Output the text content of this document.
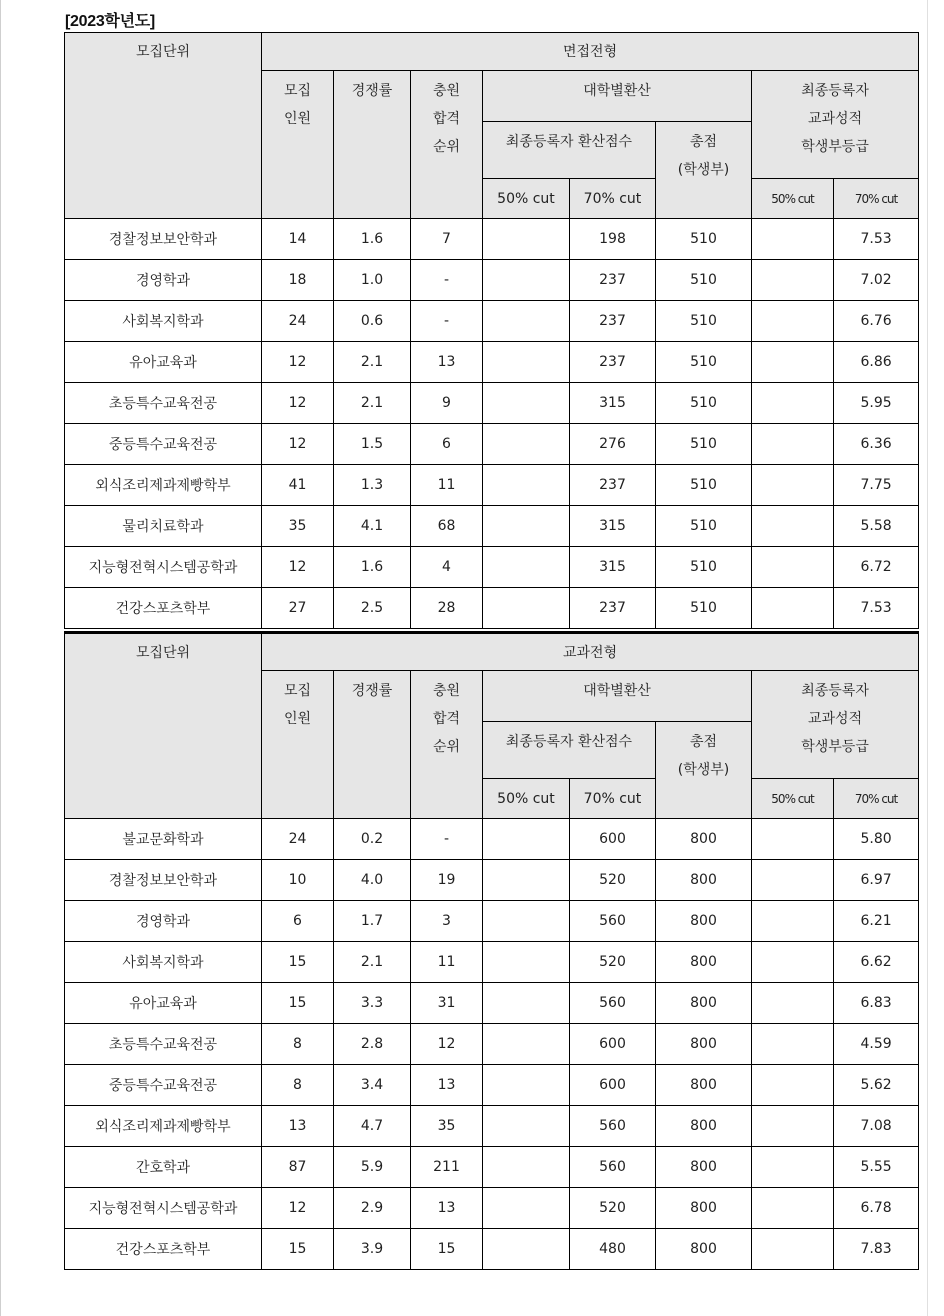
[2023학년도]
모집단위	면접전형							
	모집
인원	경쟁률	충원
합격
순위	대학별환산			최종등록자
교과성적
학생부등급	
				최종등록자 환산점수		총점
(학생부)		
				50% cut	70% cut		50% cut	70% cut
경찰정보보안학과	14	1.6	7		198	510		7.53
경영학과	18	1.0	-		237	510		7.02
사회복지학과	24	0.6	-		237	510		6.76
유아교육과	12	2.1	13		237	510		6.86
초등특수교육전공	12	2.1	9		315	510		5.95
중등특수교육전공	12	1.5	6		276	510		6.36
외식조리제과제빵학부	41	1.3	11		237	510		7.75
물리치료학과	35	4.1	68		315	510		5.58
지능형전혁시스템공학과	12	1.6	4		315	510		6.72
건강스포츠학부	27	2.5	28		237	510		7.53
모집단위	교과전형							
	모집
인원	경쟁률	충원
합격
순위	대학별환산			최종등록자
교과성적
학생부등급	
				최종등록자 환산점수		총점
(학생부)		
				50% cut	70% cut		50% cut	70% cut
불교문화학과	24	0.2	-		600	800		5.80
경찰정보보안학과	10	4.0	19		520	800		6.97
경영학과	6	1.7	3		560	800		6.21
사회복지학과	15	2.1	11		520	800		6.62
유아교육과	15	3.3	31		560	800		6.83
초등특수교육전공	8	2.8	12		600	800		4.59
중등특수교육전공	8	3.4	13		600	800		5.62
외식조리제과제빵학부	13	4.7	35		560	800		7.08
간호학과	87	5.9	211		560	800		5.55
지능형전혁시스템공학과	12	2.9	13		520	800		6.78
건강스포츠학부	15	3.9	15		480	800		7.83
